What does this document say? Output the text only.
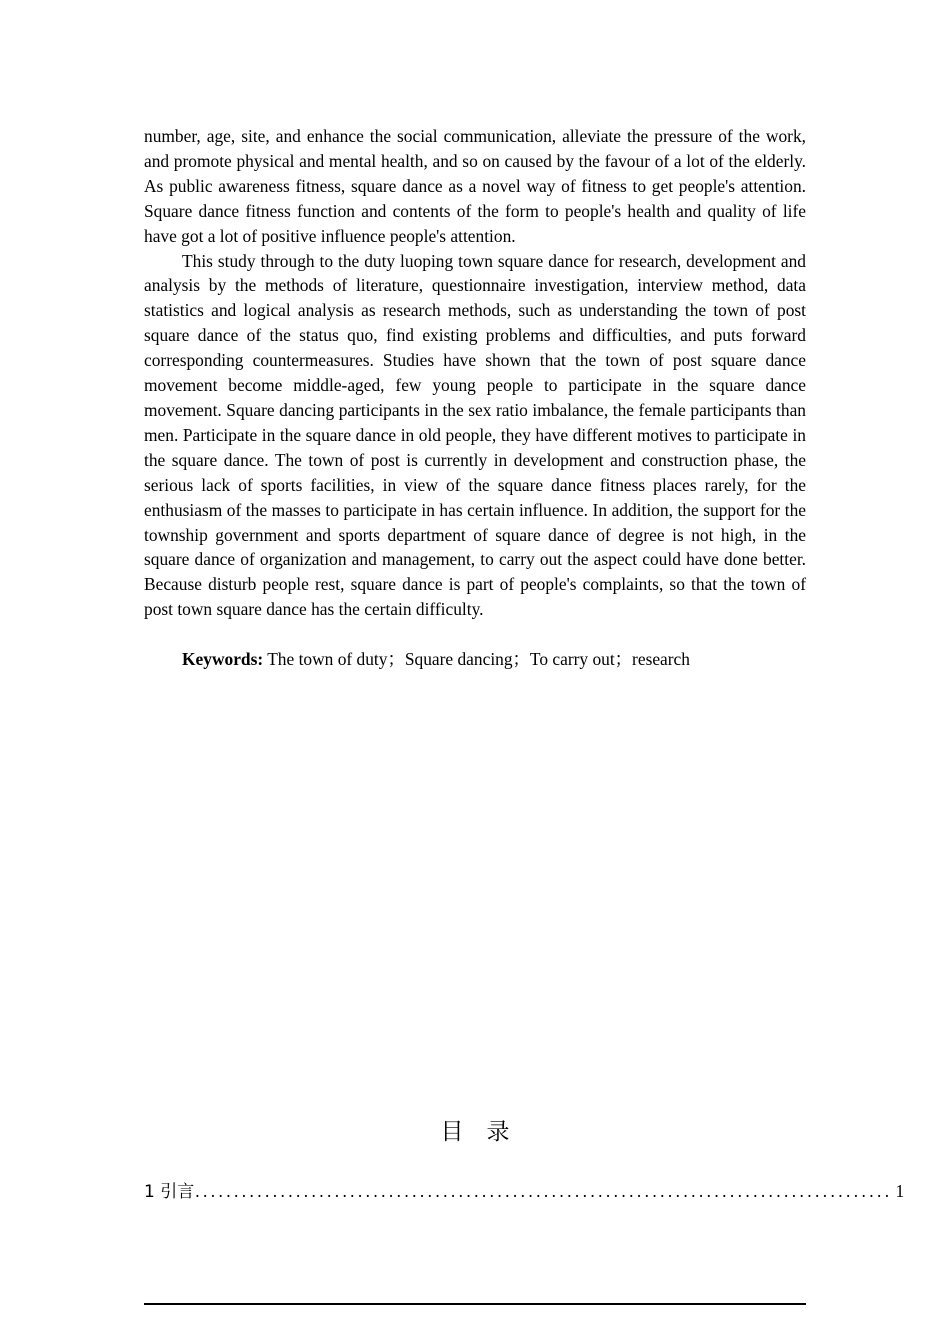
number, age, site, and enhance the social communication, alleviate the pressure of the work, and promote physical and mental health, and so on caused by the favour of a lot of the elderly. As public awareness fitness, square dance as a novel way of fitness to get people's attention. Square dance fitness function and contents of the form to people's health and quality of life have got a lot of positive influence people's attention.

This study through to the duty luoping town square dance for research, development and analysis by the methods of literature, questionnaire investigation, interview method, data statistics and logical analysis as research methods, such as understanding the town of post square dance of the status quo, find existing problems and difficulties, and puts forward corresponding countermeasures. Studies have shown that the town of post square dance movement become middle-aged, few young people to participate in the square dance movement. Square dancing participants in the sex ratio imbalance, the female participants than men. Participate in the square dance in old people, they have different motives to participate in the square dance. The town of post is currently in development and construction phase, the serious lack of sports facilities, in view of the square dance fitness places rarely, for the enthusiasm of the masses to participate in has certain influence. In addition, the support for the township government and sports department of square dance of degree is not high, in the square dance of organization and management, to carry out the aspect could have done better. Because disturb people rest, square dance is part of people's complaints, so that the town of post town square dance has the certain difficulty.

Keywords: The town of duty；Square dancing；To carry out；research

目　录
1 引言 .......................................................................................... 1
